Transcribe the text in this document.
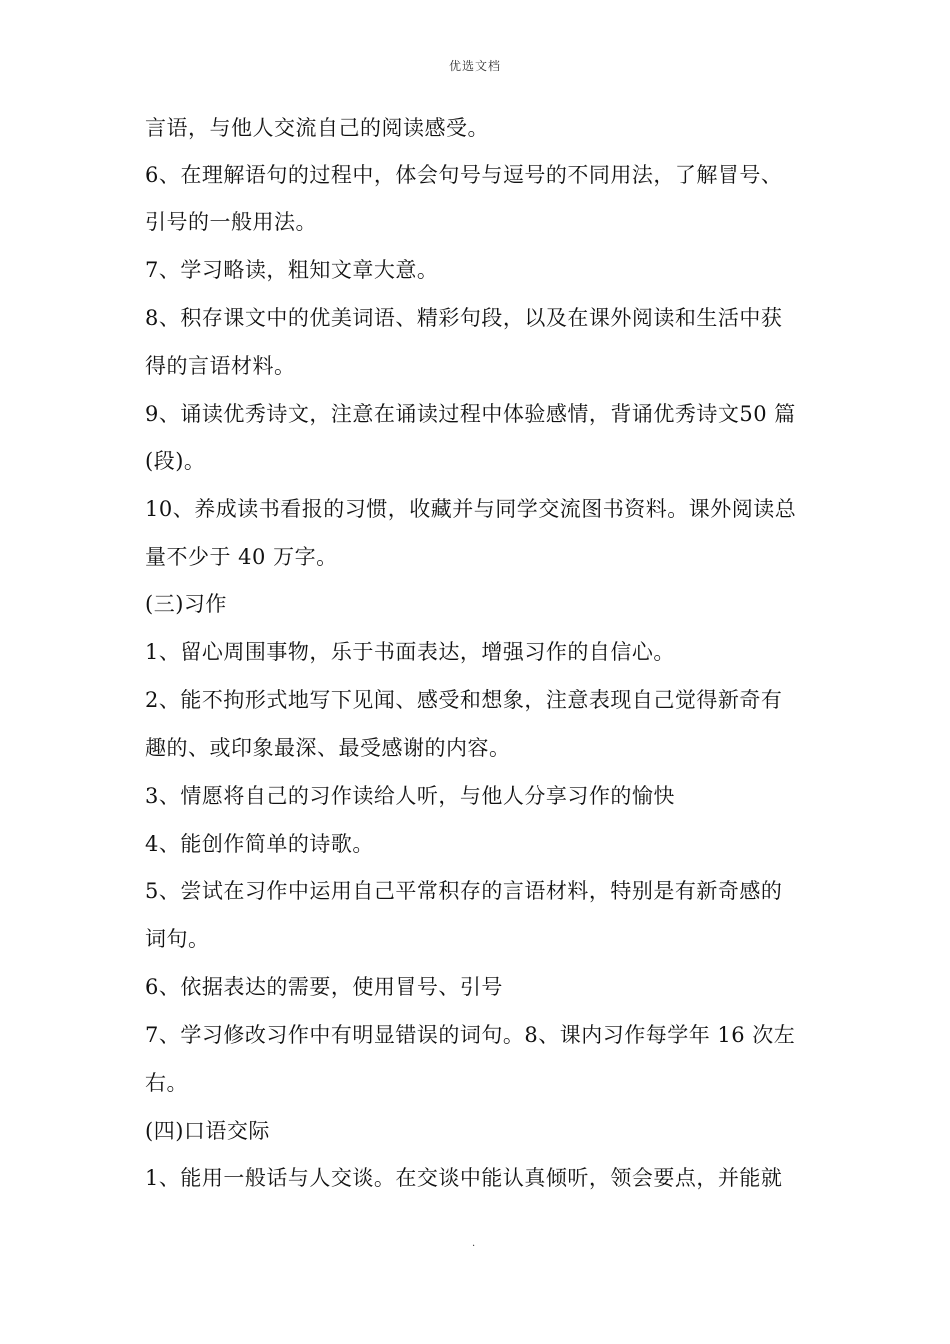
优选文档
言语，与他人交流自己的阅读感受。
6、在理解语句的过程中，体会句号与逗号的不同用法，了解冒号、
引号的一般用法。
7、学习略读，粗知文章大意。
8、积存课文中的优美词语、精彩句段，以及在课外阅读和生活中获
得的言语材料。
9、诵读优秀诗文，注意在诵读过程中体验感情，背诵优秀诗文50 篇
(段)。
10、养成读书看报的习惯，收藏并与同学交流图书资料。课外阅读总
量不少于 40 万字。
(三)习作
1、留心周围事物，乐于书面表达，增强习作的自信心。
2、能不拘形式地写下见闻、感受和想象，注意表现自己觉得新奇有
趣的、或印象最深、最受感谢的内容。
3、情愿将自己的习作读给人听，与他人分享习作的愉快
4、能创作简单的诗歌。
5、尝试在习作中运用自己平常积存的言语材料，特别是有新奇感的
词句。
6、依据表达的需要，使用冒号、引号
7、学习修改习作中有明显错误的词句。8、课内习作每学年 16 次左
右。
(四)口语交际
1、能用一般话与人交谈。在交谈中能认真倾听，领会要点，并能就
.
